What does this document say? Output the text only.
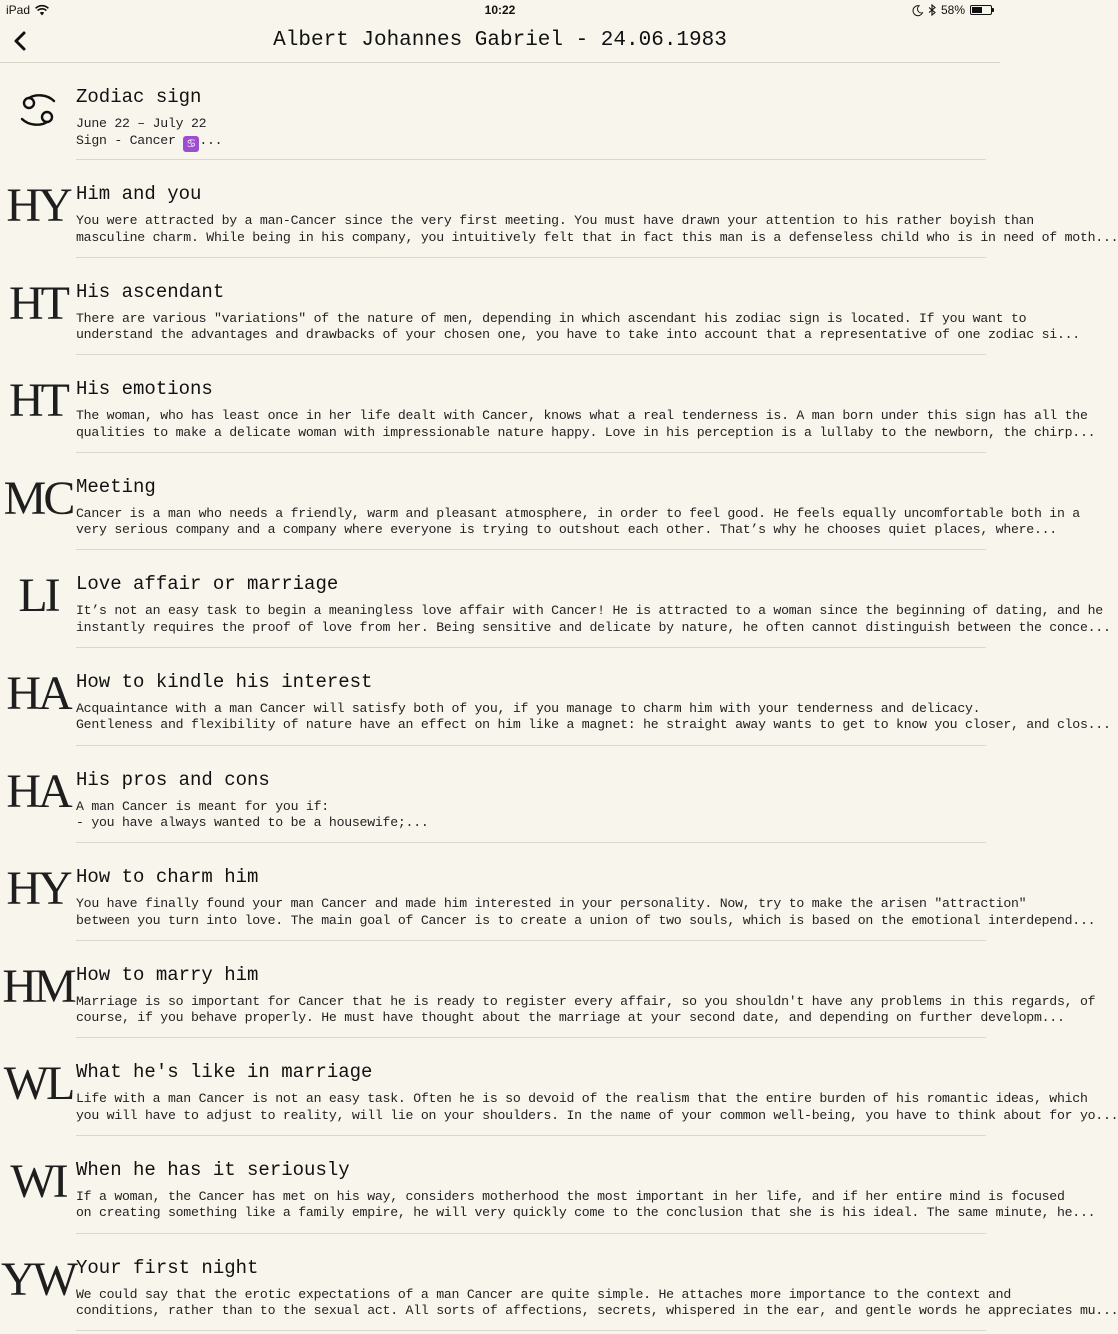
iPad	10:22	58%
Albert Johannes Gabriel - 24.06.1983
Zodiac sign
June 22 – July 22
Sign - Cancer ♋ ...
HY Him and you
You were attracted by a man-Cancer since the very first meeting. You must have drawn your attention to his rather boyish than
masculine charm. While being in his company, you intuitively felt that in fact this man is a defenseless child who is in need of moth...
HT His ascendant
There are various "variations" of the nature of men, depending in which ascendant his zodiac sign is located. If you want to
understand the advantages and drawbacks of your chosen one, you have to take into account that a representative of one zodiac si...
HT His emotions
The woman, who has least once in her life dealt with Cancer, knows what a real tenderness is. A man born under this sign has all the
qualities to make a delicate woman with impressionable nature happy. Love in his perception is a lullaby to the newborn, the chirp...
MC Meeting
Cancer is a man who needs a friendly, warm and pleasant atmosphere, in order to feel good. He feels equally uncomfortable both in a
very serious company and a company where everyone is trying to outshout each other. That’s why he chooses quiet places, where...
LI Love affair or marriage
It’s not an easy task to begin a meaningless love affair with Cancer! He is attracted to a woman since the beginning of dating, and he
instantly requires the proof of love from her. Being sensitive and delicate by nature, he often cannot distinguish between the conce...
HA How to kindle his interest
Acquaintance with a man Cancer will satisfy both of you, if you manage to charm him with your tenderness and delicacy.
Gentleness and flexibility of nature have an effect on him like a magnet: he straight away wants to get to know you closer, and clos...
HA His pros and cons
A man Cancer is meant for you if:
- you have always wanted to be a housewife;...
HY How to charm him
You have finally found your man Cancer and made him interested in your personality. Now, try to make the arisen "attraction"
between you turn into love. The main goal of Cancer is to create a union of two souls, which is based on the emotional interdepend...
HM How to marry him
Marriage is so important for Cancer that he is ready to register every affair, so you shouldn't have any problems in this regards, of
course, if you behave properly. He must have thought about the marriage at your second date, and depending on further developm...
WL What he's like in marriage
Life with a man Cancer is not an easy task. Often he is so devoid of the realism that the entire burden of his romantic ideas, which
you will have to adjust to reality, will lie on your shoulders. In the name of your common well-being, you have to think about for yo...
WI When he has it seriously
If a woman, the Cancer has met on his way, considers motherhood the most important in her life, and if her entire mind is focused
on creating something like a family empire, he will very quickly come to the conclusion that she is his ideal. The same minute, he...
YW Your first night
We could say that the erotic expectations of a man Cancer are quite simple. He attaches more importance to the context and
conditions, rather than to the sexual act. All sorts of affections, secrets, whispered in the ear, and gentle words he appreciates mu...
